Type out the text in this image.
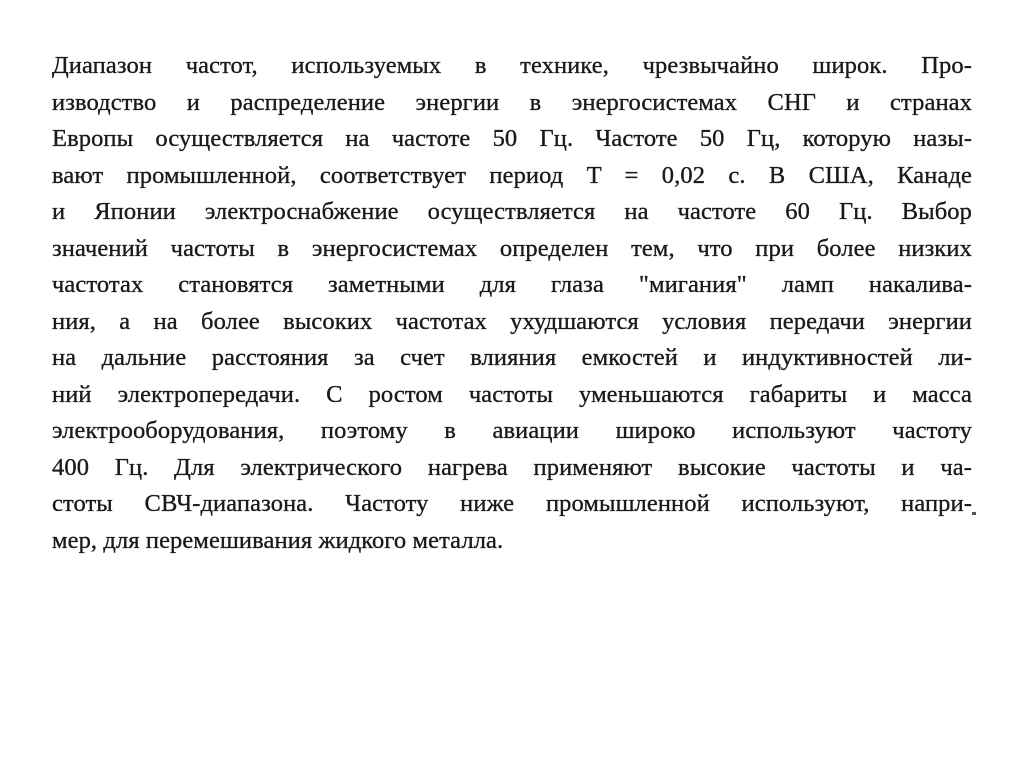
Диапазон частот, используемых в технике, чрезвычайно широк. Про-
изводство и распределение энергии в энергосистемах СНГ и странах
Европы осуществляется на частоте 50 Гц. Частоте 50 Гц, которую назы-
вают промышленной, соответствует период T = 0,02 с. В США, Канаде
и Японии электроснабжение осуществляется на частоте 60 Гц. Выбор
значений частоты в энергосистемах определен тем, что при более низких
частотах становятся заметными для глаза "мигания" ламп накалива-
ния, а на более высоких частотах ухудшаются условия передачи энергии
на дальние расстояния за счет влияния емкостей и индуктивностей ли-
ний электропередачи. С ростом частоты уменьшаются габариты и масса
электрооборудования, поэтому в авиации широко используют частоту
400 Гц. Для электрического нагрева применяют высокие частоты и ча-
стоты СВЧ-диапазона. Частоту ниже промышленной используют, напри-
мер, для перемешивания жидкого металла.
